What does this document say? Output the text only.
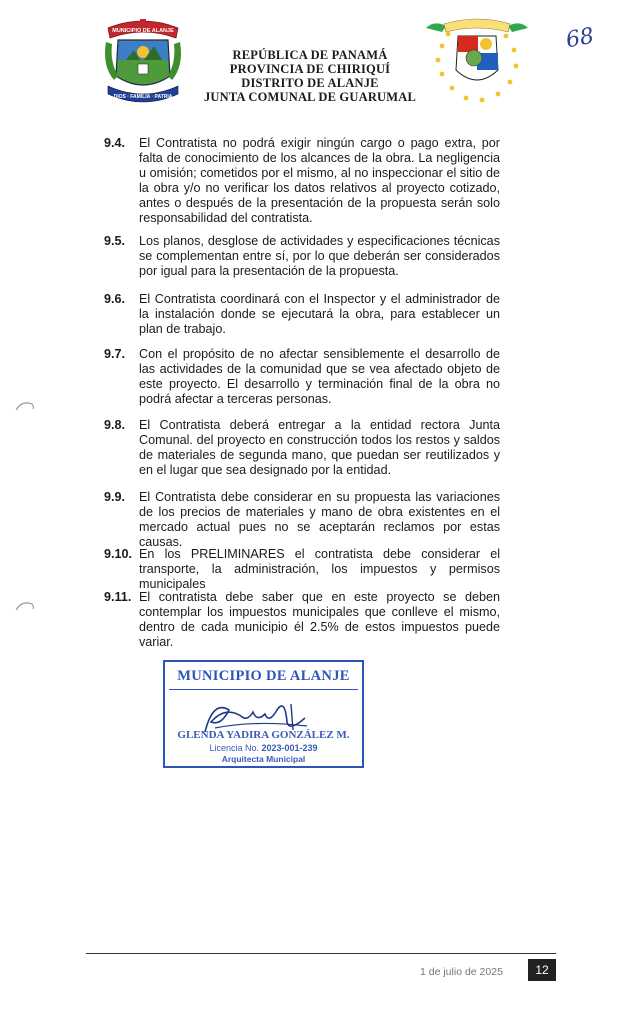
MUNICIPIO DE ALANJE
DIOS · FAMILIA · PATRIA
68
REPÚBLICA DE PANAMÁ
PROVINCIA DE CHIRIQUÍ
DISTRITO DE ALANJE
JUNTA COMUNAL DE GUARUMAL
9.4. El Contratista no podrá exigir ningún cargo o pago extra, por falta de conocimiento de los alcances de la obra. La negligencia u omisión; cometidos por el mismo, al no inspeccionar el sitio de la obra y/o no verificar los datos relativos al proyecto cotizado, antes o después de la presentación de la propuesta serán solo responsabilidad del contratista.
9.5. Los planos, desglose de actividades y especificaciones técnicas se complementan entre sí, por lo que deberán ser considerados por igual para la presentación de la propuesta.
9.6. El Contratista coordinará con el Inspector y el administrador de la instalación donde se ejecutará la obra, para establecer un plan de trabajo.
9.7. Con el propósito de no afectar sensiblemente el desarrollo de las actividades de la comunidad que se vea afectado objeto de este proyecto. El desarrollo y terminación final de la obra no podrá afectar a terceras personas.
9.8. El Contratista deberá entregar a la entidad rectora Junta Comunal. del proyecto en construcción todos los restos y saldos de materiales de segunda mano, que puedan ser reutilizados y en el lugar que sea designado por la entidad.
9.9. El Contratista debe considerar en su propuesta las variaciones de los precios de materiales y mano de obra existentes en el mercado actual pues no se aceptarán reclamos por estas causas.
9.10. En los PRELIMINARES el contratista debe considerar el transporte, la administración, los impuestos y permisos municipales
9.11. El contratista debe saber que en este proyecto se deben contemplar los impuestos municipales que conlleve el mismo, dentro de cada municipio él 2.5% de estos impuestos puede variar.
MUNICIPIO DE ALANJE
GLENDA YADIRA GONZÁLEZ M.
Licencia No. 2023-001-239
Arquitecta Municipal
1 de julio de 2025	12
